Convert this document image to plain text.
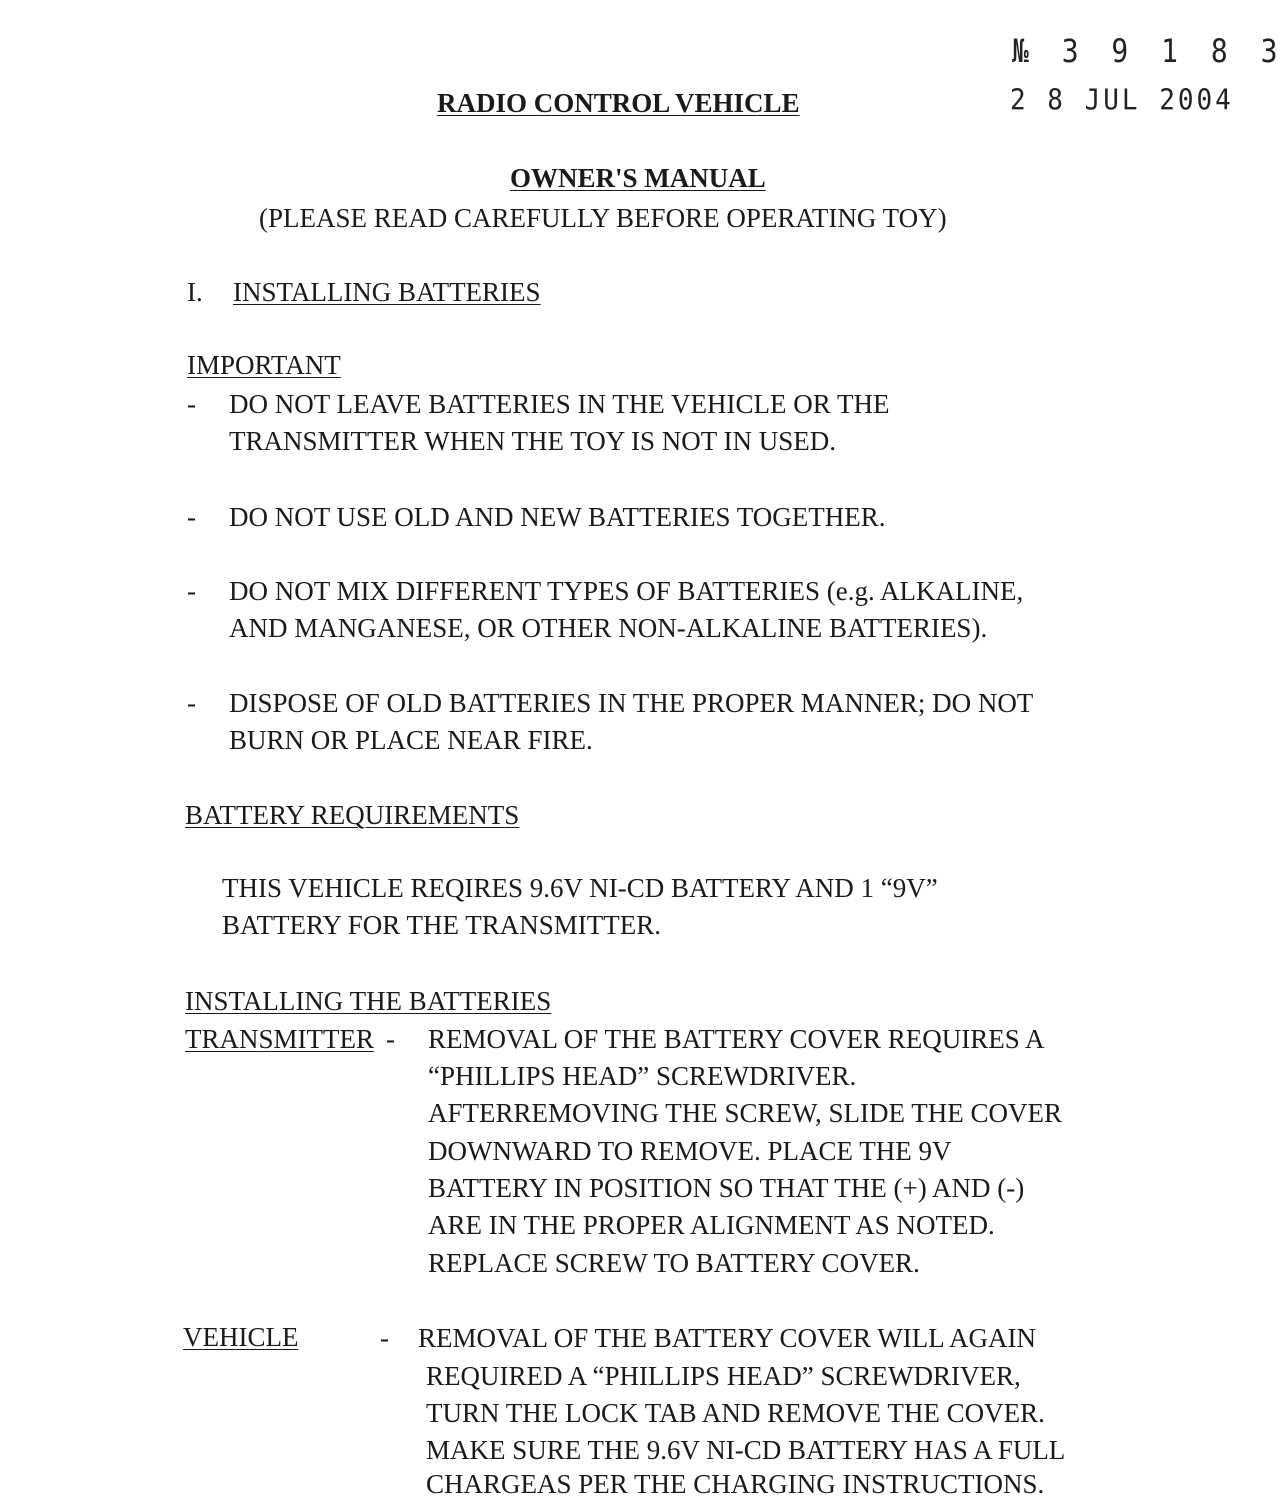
№ 3 9 1 8 3
2 8 JUL 2004
RADIO CONTROL VEHICLE
OWNER'S MANUAL
(PLEASE READ CAREFULLY BEFORE OPERATING TOY)
I. INSTALLING BATTERIES
IMPORTANT
- DO NOT LEAVE BATTERIES IN THE VEHICLE OR THE
TRANSMITTER WHEN THE TOY IS NOT IN USED.
- DO NOT USE OLD AND NEW BATTERIES TOGETHER.
- DO NOT MIX DIFFERENT TYPES OF BATTERIES (e.g. ALKALINE,
AND MANGANESE, OR OTHER NON-ALKALINE BATTERIES).
- DISPOSE OF OLD BATTERIES IN THE PROPER MANNER; DO NOT
BURN OR PLACE NEAR FIRE.
BATTERY REQUIREMENTS
THIS VEHICLE REQIRES 9.6V NI-CD BATTERY AND 1 “9V”
BATTERY FOR THE TRANSMITTER.
INSTALLING THE BATTERIES
TRANSMITTER - REMOVAL OF THE BATTERY COVER REQUIRES A
“PHILLIPS HEAD” SCREWDRIVER.
AFTERREMOVING THE SCREW, SLIDE THE COVER
DOWNWARD TO REMOVE. PLACE THE 9V
BATTERY IN POSITION SO THAT THE (+) AND (-)
ARE IN THE PROPER ALIGNMENT AS NOTED.
REPLACE SCREW TO BATTERY COVER.
VEHICLE	- REMOVAL OF THE BATTERY COVER WILL AGAIN
REQUIRED A “PHILLIPS HEAD” SCREWDRIVER,
TURN THE LOCK TAB AND REMOVE THE COVER.
MAKE SURE THE 9.6V NI-CD BATTERY HAS A FULL
CHARGEAS PER THE CHARGING INSTRUCTIONS.
